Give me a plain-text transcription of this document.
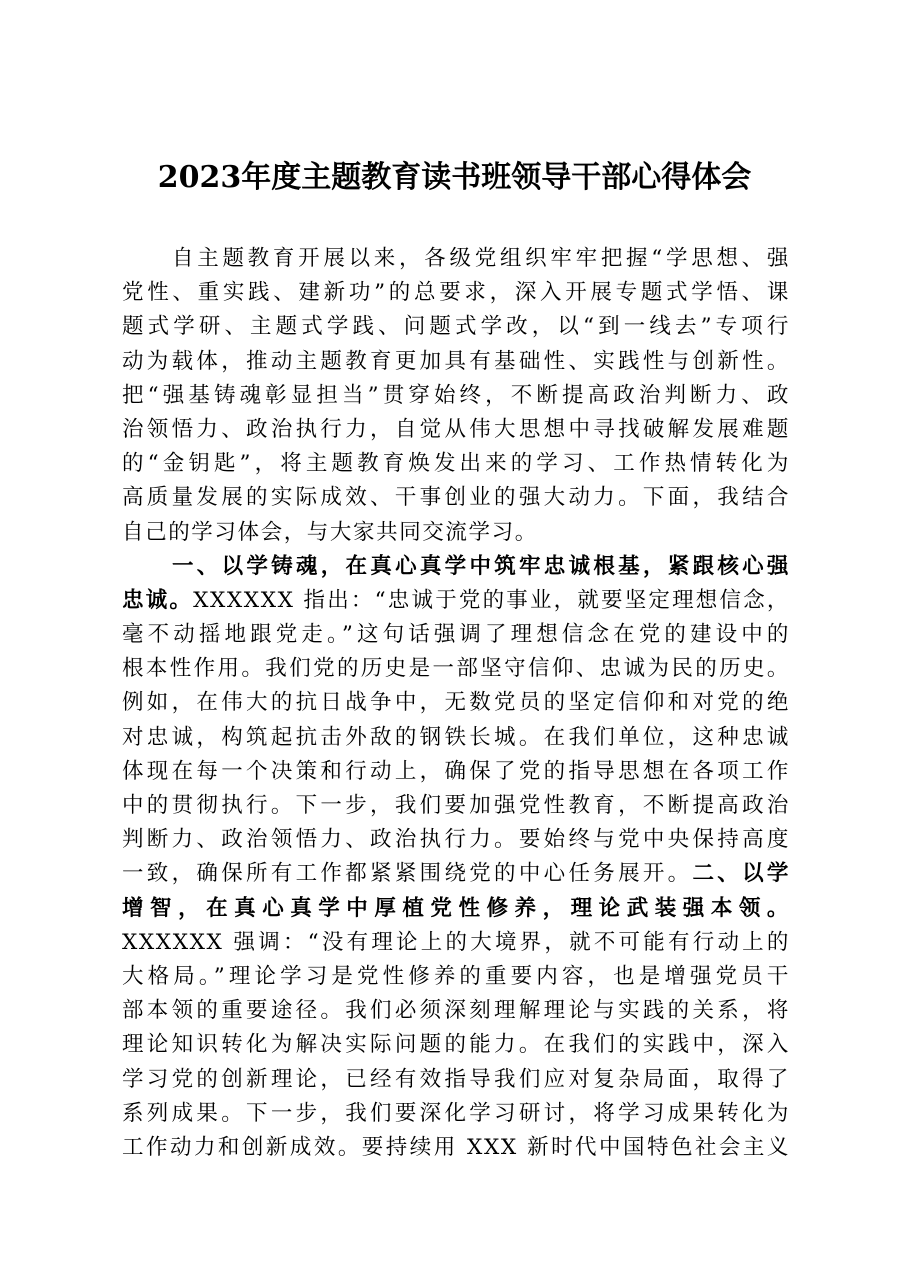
2023年度主题教育读书班领导干部心得体会
自主题教育开展以来，各级党组织牢牢把握“学思想、强
党性、重实践、建新功”的总要求，深入开展专题式学悟、课
题式学研、主题式学践、问题式学改，以“到一线去”专项行
动为载体，推动主题教育更加具有基础性、实践性与创新性。
把“强基铸魂彰显担当”贯穿始终，不断提高政治判断力、政
治领悟力、政治执行力，自觉从伟大思想中寻找破解发展难题
的“金钥匙”，将主题教育焕发出来的学习、工作热情转化为
高质量发展的实际成效、干事创业的强大动力。下面，我结合
自己的学习体会，与大家共同交流学习。
一、以学铸魂，在真心真学中筑牢忠诚根基，紧跟核心强
忠诚。XXXXXX 指出：“忠诚于党的事业，就要坚定理想信念，
毫不动摇地跟党走。”这句话强调了理想信念在党的建设中的
根本性作用。我们党的历史是一部坚守信仰、忠诚为民的历史。
例如，在伟大的抗日战争中，无数党员的坚定信仰和对党的绝
对忠诚，构筑起抗击外敌的钢铁长城。在我们单位，这种忠诚
体现在每一个决策和行动上，确保了党的指导思想在各项工作
中的贯彻执行。下一步，我们要加强党性教育，不断提高政治
判断力、政治领悟力、政治执行力。要始终与党中央保持高度
一致，确保所有工作都紧紧围绕党的中心任务展开。二、以学
增智，在真心真学中厚植党性修养，理论武装强本领。
XXXXXX 强调：“没有理论上的大境界，就不可能有行动上的
大格局。”理论学习是党性修养的重要内容，也是增强党员干
部本领的重要途径。我们必须深刻理解理论与实践的关系，将
理论知识转化为解决实际问题的能力。在我们的实践中，深入
学习党的创新理论，已经有效指导我们应对复杂局面，取得了
系列成果。下一步，我们要深化学习研讨，将学习成果转化为
工作动力和创新成效。要持续用 XXX 新时代中国特色社会主义
